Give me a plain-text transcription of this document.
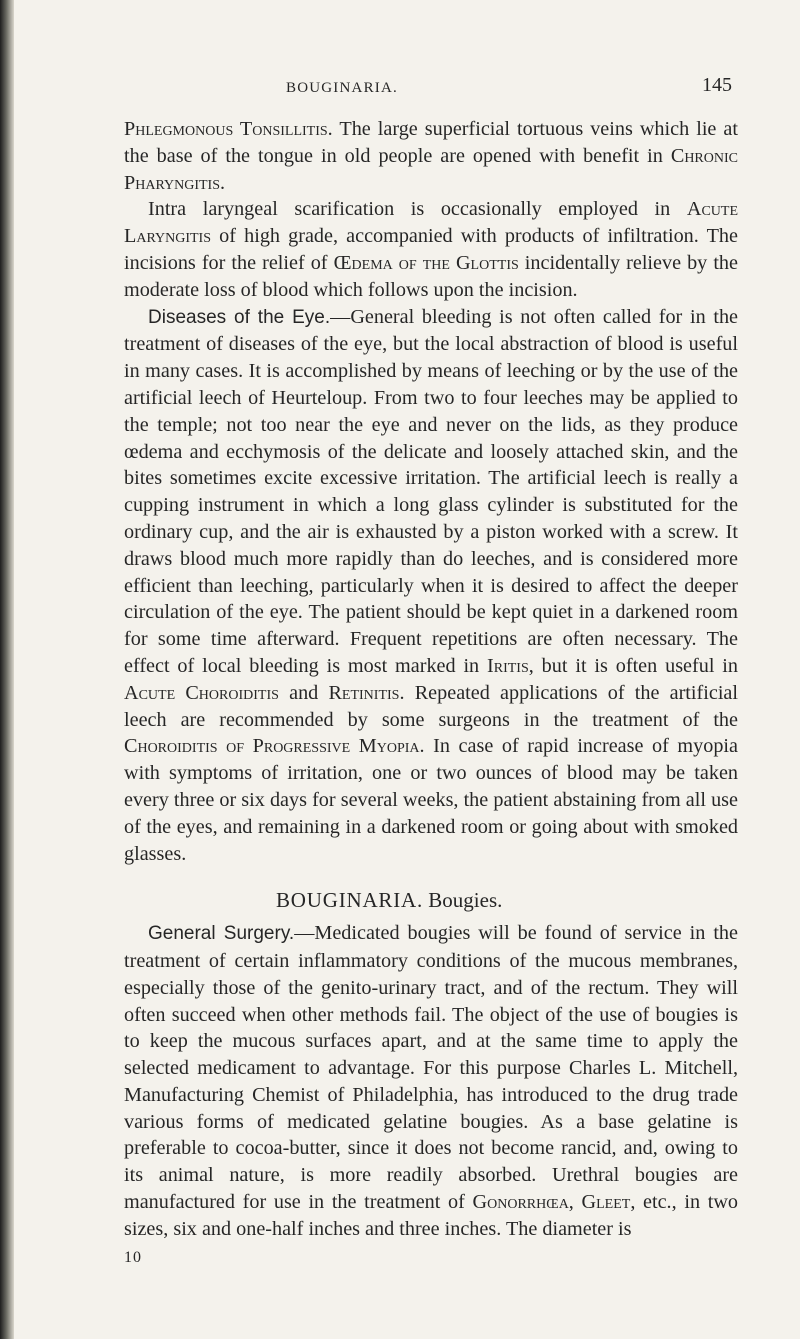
BOUGINARIA.	145

Phlegmonous Tonsillitis. The large superficial tortuous veins which lie at the base of the tongue in old people are opened with benefit in Chronic Pharyngitis.

Intra laryngeal scarification is occasionally employed in Acute Laryngitis of high grade, accompanied with products of infiltration. The incisions for the relief of Œdema of the Glottis incidentally relieve by the moderate loss of blood which follows upon the incision.

Diseases of the Eye.—General bleeding is not often called for in the treatment of diseases of the eye, but the local abstraction of blood is useful in many cases. It is accomplished by means of leeching or by the use of the artificial leech of Heurteloup. From two to four leeches may be applied to the temple; not too near the eye and never on the lids, as they produce œdema and ecchymosis of the delicate and loosely attached skin, and the bites sometimes excite excessive irritation. The artificial leech is really a cupping instrument in which a long glass cylinder is substituted for the ordinary cup, and the air is exhausted by a piston worked with a screw. It draws blood much more rapidly than do leeches, and is considered more efficient than leeching, particularly when it is desired to affect the deeper circulation of the eye. The patient should be kept quiet in a darkened room for some time afterward. Frequent repetitions are often necessary. The effect of local bleeding is most marked in Iritis, but it is often useful in Acute Choroiditis and Retinitis. Repeated applications of the artificial leech are recommended by some surgeons in the treatment of the Choroiditis of Progressive Myopia. In case of rapid increase of myopia with symptoms of irritation, one or two ounces of blood may be taken every three or six days for several weeks, the patient abstaining from all use of the eyes, and remaining in a darkened room or going about with smoked glasses.

BOUGINARIA. Bougies.

General Surgery.—Medicated bougies will be found of service in the treatment of certain inflammatory conditions of the mucous membranes, especially those of the genito-urinary tract, and of the rectum. They will often succeed when other methods fail. The object of the use of bougies is to keep the mucous surfaces apart, and at the same time to apply the selected medicament to advantage. For this purpose Charles L. Mitchell, Manufacturing Chemist of Philadelphia, has introduced to the drug trade various forms of medicated gelatine bougies. As a base gelatine is preferable to cocoa-butter, since it does not become rancid, and, owing to its animal nature, is more readily absorbed. Urethral bougies are manufactured for use in the treatment of Gonorrhœa, Gleet, etc., in two sizes, six and one-half inches and three inches. The diameter is

10
